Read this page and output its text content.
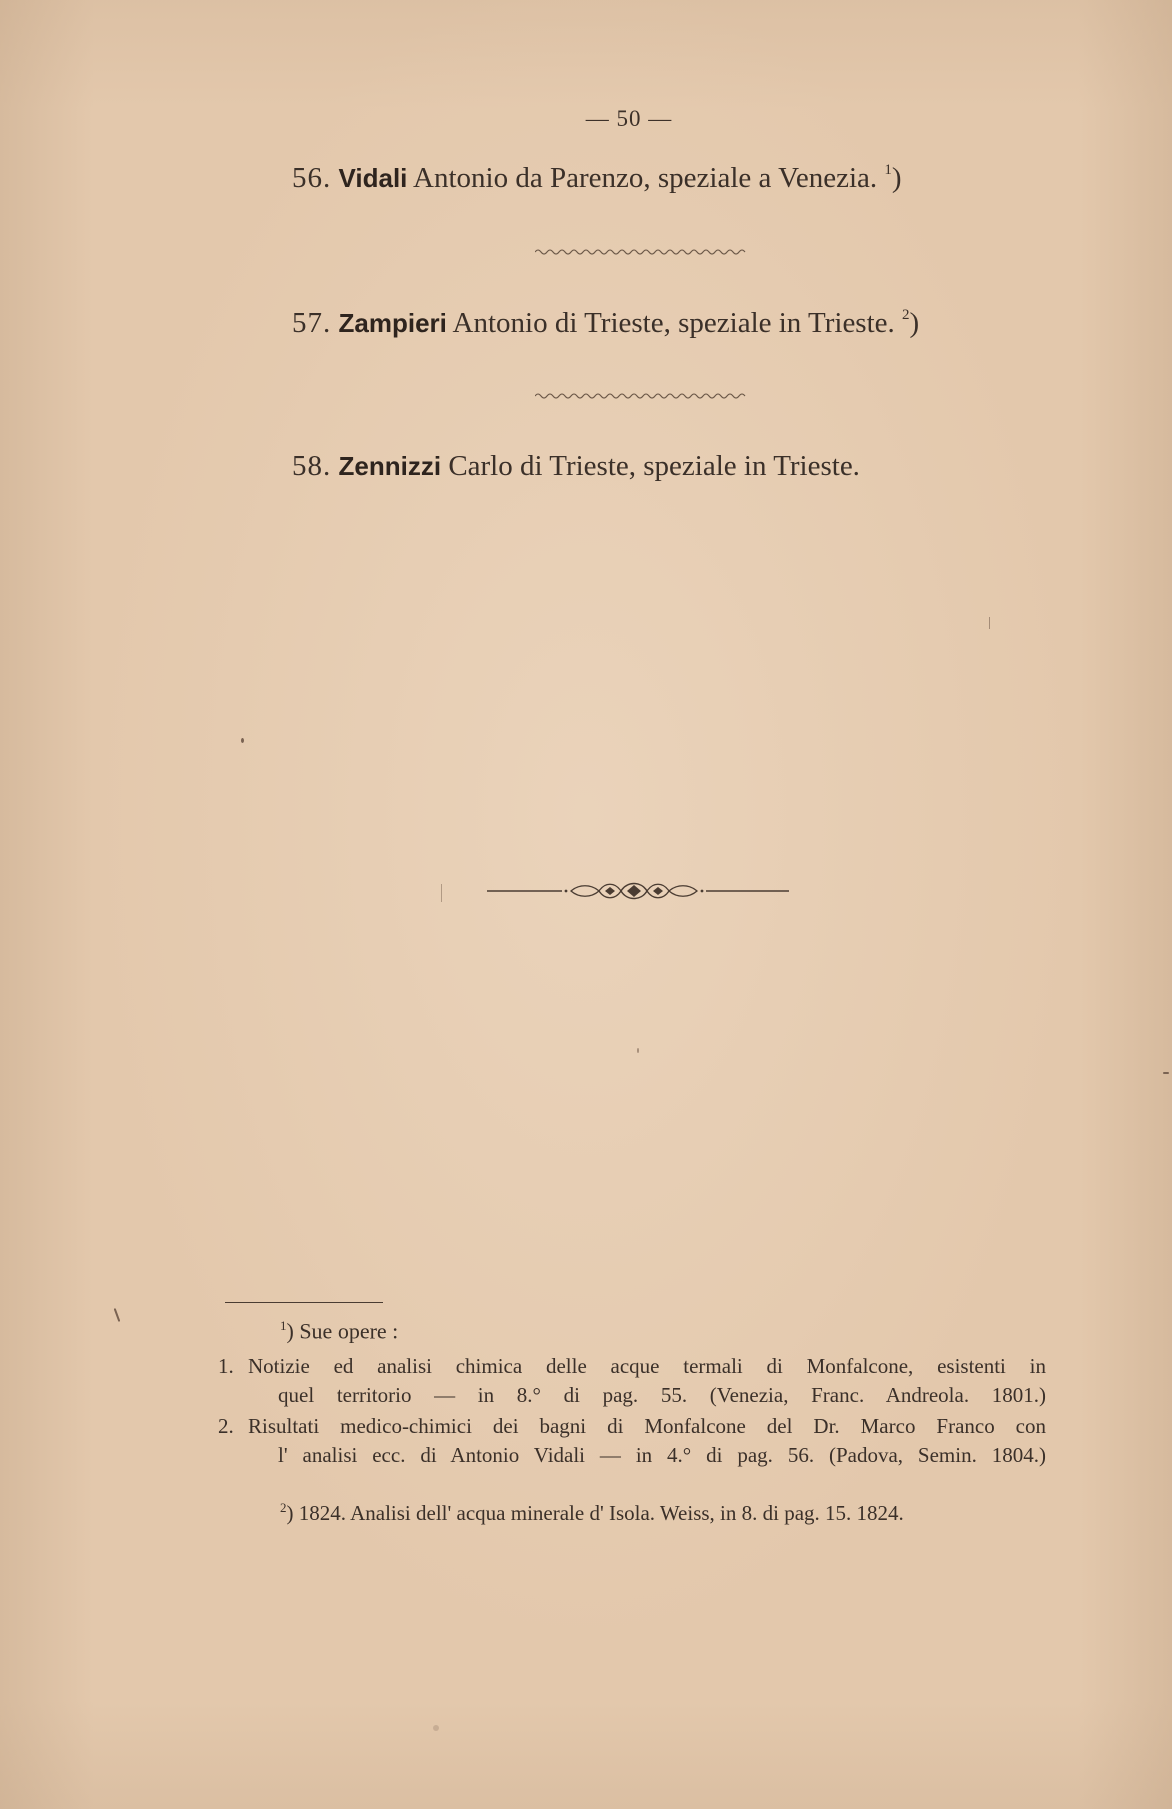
— 50 —
56. Vidali Antonio da Parenzo, speziale a Venezia. $^1$)
57. Zampieri Antonio di Trieste, speziale in Trieste. $^2$)
58. Zennizzi Carlo di Trieste, speziale in Trieste.
$^1$) Sue opere :
1. Notizie ed analisi chimica delle acque termali di Monfalcone, esistenti in
quel territorio — in 8.° di pag. 55. (Venezia, Franc. Andreola. 1801.)
2. Risultati medico-chimici dei bagni di Monfalcone del Dr. Marco Franco con
l' analisi ecc. di Antonio Vidali — in 4.° di pag. 56. (Padova, Semin. 1804.)
$^2$) 1824. Analisi dell' acqua minerale d' Isola. Weiss, in 8. di pag. 15. 1824.
